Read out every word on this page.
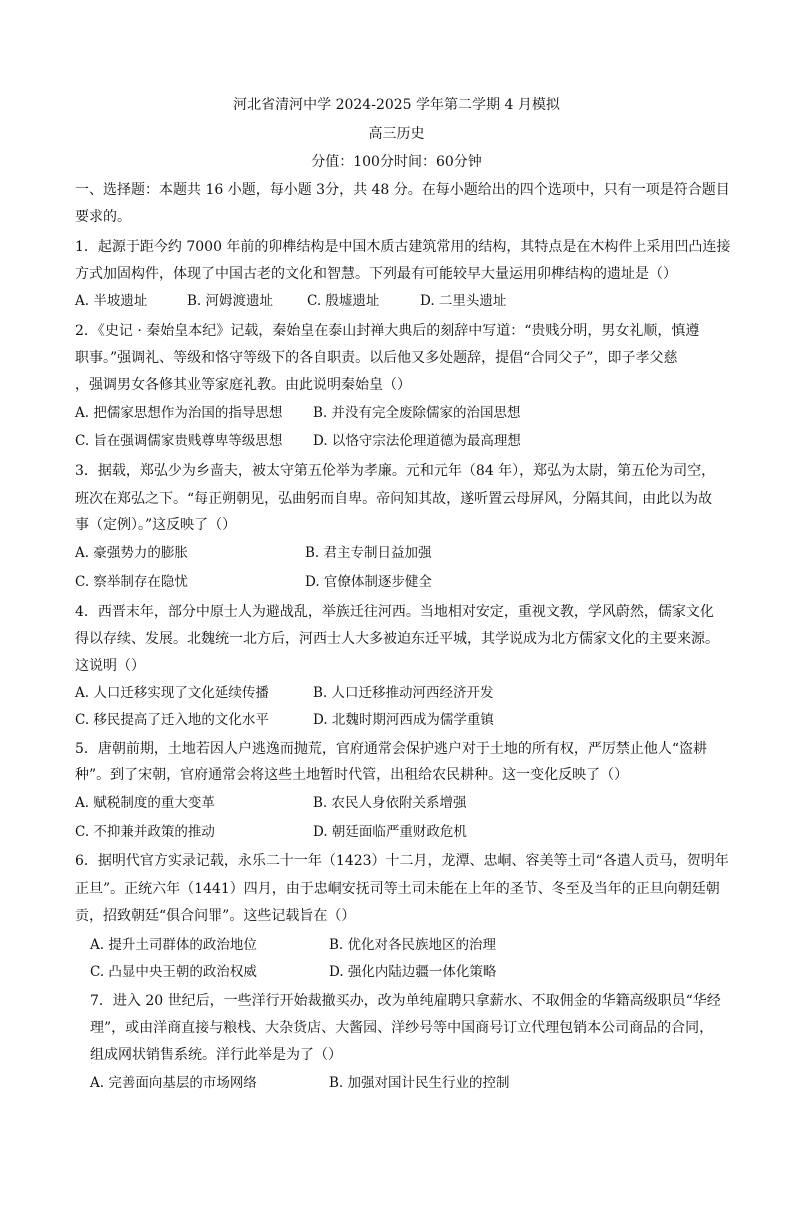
河北省清河中学 2024-2025 学年第二学期 4 月模拟
高三历史
分值：100分时间：60分钟
一、选择题：本题共 16 小题，每小题 3分，共 48 分。在每小题给出的四个选项中，只有一项是符合题目
要求的。
1．起源于距今约 7000 年前的卯榫结构是中国木质古建筑常用的结构，其特点是在木构件上采用凹凸连接
方式加固构件，体现了中国古老的文化和智慧。下列最有可能较早大量运用卯榫结构的遗址是（）
A. 半坡遗址	B. 河姆渡遗址	C. 殷墟遗址	D. 二里头遗址
2．《史记 · 秦始皇本纪》记载，秦始皇在泰山封禅大典后的刻辞中写道：“贵贱分明，男女礼顺，慎遵
职事。”强调礼、等级和恪守等级下的各自职责。以后他又多处题辞，提倡“合同父子”，即子孝父慈
，强调男女各修其业等家庭礼教。由此说明秦始皇（）
A. 把儒家思想作为治国的指导思想 B. 并没有完全废除儒家的治国思想
C. 旨在强调儒家贵贱尊卑等级思想 D. 以恪守宗法伦理道德为最高理想
3．据载，郑弘少为乡啬夫，被太守第五伦举为孝廉。元和元年（84 年），郑弘为太尉，第五伦为司空，
班次在郑弘之下。“每正朔朝见，弘曲躬而自卑。帝问知其故，遂听置云母屏风，分隔其间，由此以为故
事（定例）。”这反映了（）
A. 豪强势力的膨胀	B. 君主专制日益加强
C. 察举制存在隐忧	D. 官僚体制逐步健全
4．西晋末年，部分中原士人为避战乱，举族迁往河西。当地相对安定，重视文教，学风蔚然，儒家文化
得以存续、发展。北魏统一北方后，河西士人大多被迫东迁平城，其学说成为北方儒家文化的主要来源。
这说明（）
A. 人口迁移实现了文化延续传播	B. 人口迁移推动河西经济开发
C. 移民提高了迁入地的文化水平	D. 北魏时期河西成为儒学重镇
5．唐朝前期，土地若因人户逃逸而抛荒，官府通常会保护逃户对于土地的所有权，严厉禁止他人“盗耕
种”。到了宋朝，官府通常会将这些土地暂时代管，出租给农民耕种。这一变化反映了（）
A. 赋税制度的重大变革	B. 农民人身依附关系增强
C. 不抑兼并政策的推动	D. 朝廷面临严重财政危机
6．据明代官方实录记载，永乐二十一年（1423）十二月，龙潭、忠峒、容美等土司“各遣人贡马，贺明年
正旦”。正统六年（1441）四月，由于忠峒安抚司等土司未能在上年的圣节、冬至及当年的正旦向朝廷朝
贡，招致朝廷“俱合问罪”。这些记载旨在（）
A. 提升土司群体的政治地位	B. 优化对各民族地区的治理
C. 凸显中央王朝的政治权威	D. 强化内陆边疆一体化策略
7．进入 20 世纪后，一些洋行开始裁撤买办，改为单纯雇聘只拿薪水、不取佣金的华籍高级职员“华经
理”，或由洋商直接与粮栈、大杂货店、大酱园、洋纱号等中国商号订立代理包销本公司商品的合同，
组成网状销售系统。洋行此举是为了（）
A. 完善面向基层的市场网络	B. 加强对国计民生行业的控制
